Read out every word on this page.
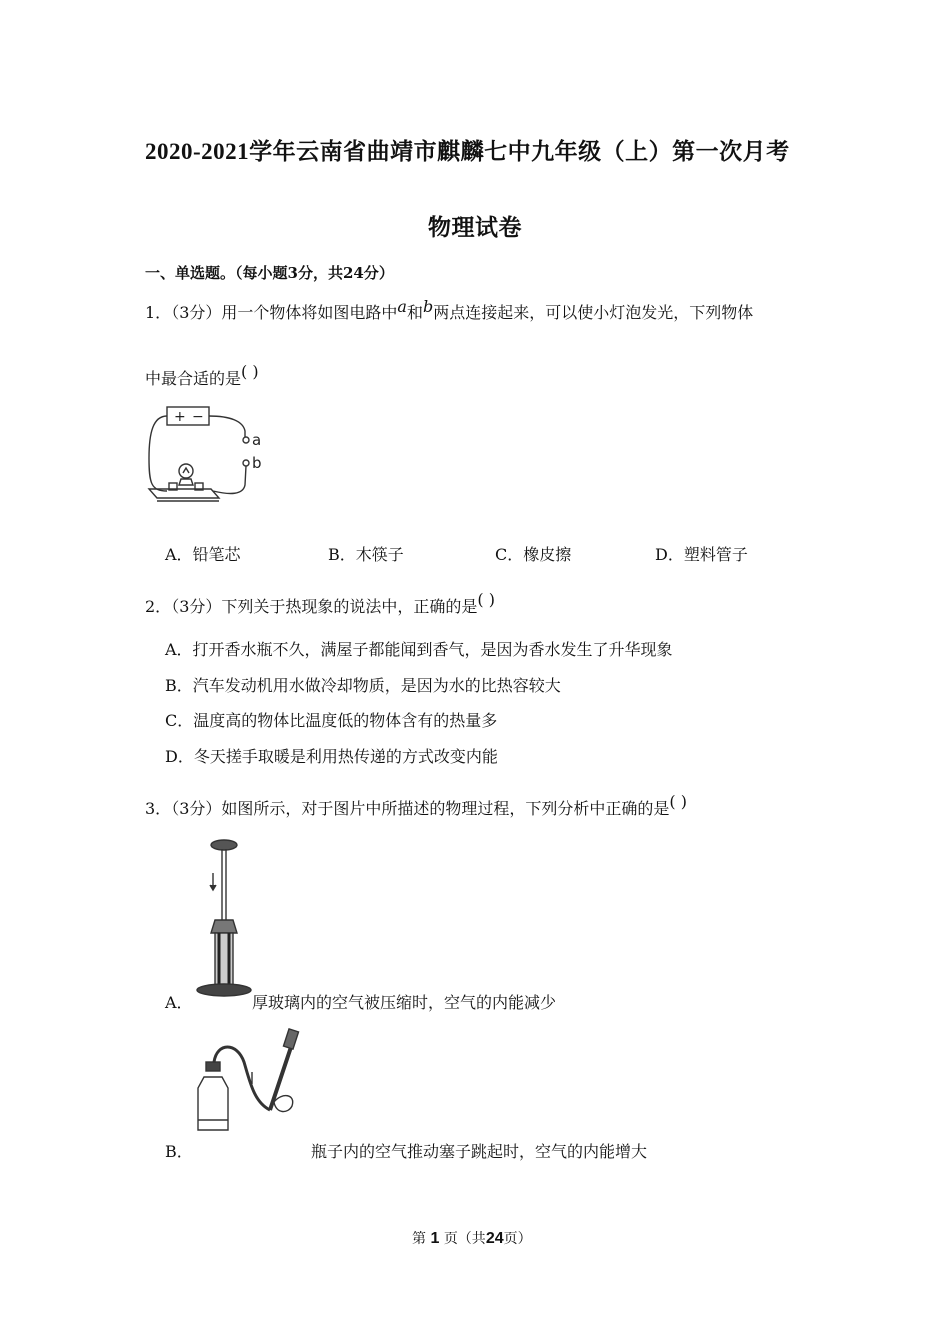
2020-2021学年云南省曲靖市麒麟七中九年级（上）第一次月考
物理试卷
一、单选题。（每小题3分，共24分）
1．（3分）用一个物体将如图电路中a和b两点连接起来，可以使小灯泡发光，下列物体
中最合适的是( )
+ −
a
b
A．铅笔芯	B．木筷子	C．橡皮擦	D．塑料管子
2．（3分）下列关于热现象的说法中，正确的是( )
A．打开香水瓶不久，满屋子都能闻到香气，是因为香水发生了升华现象
B．汽车发动机用水做冷却物质，是因为水的比热容较大
C．温度高的物体比温度低的物体含有的热量多
D．冬天搓手取暖是利用热传递的方式改变内能
3．（3分）如图所示，对于图片中所描述的物理过程，下列分析中正确的是( )
A．	厚玻璃内的空气被压缩时，空气的内能减少
B．	瓶子内的空气推动塞子跳起时，空气的内能增大
第 1 页（共24页）
